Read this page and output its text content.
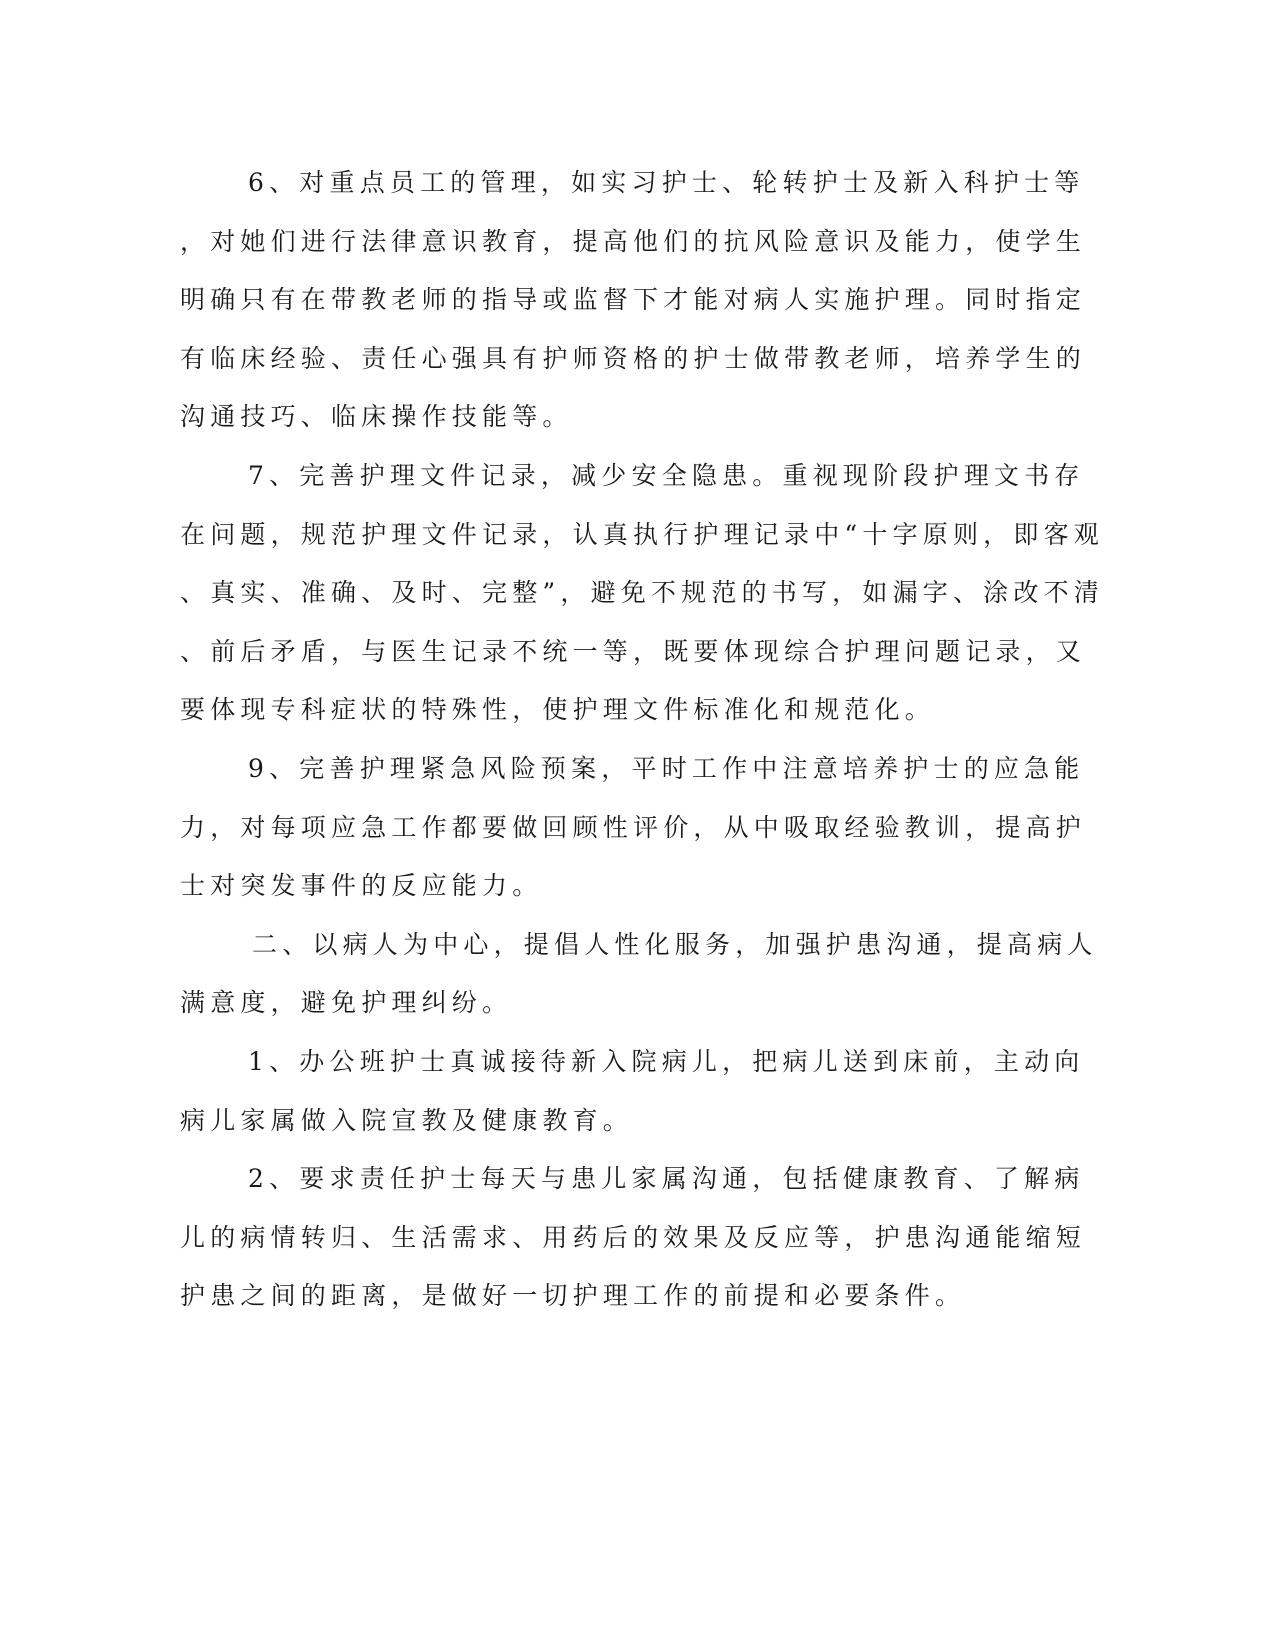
6、对重点员工的管理，如实习护士、轮转护士及新入科护士等
，对她们进行法律意识教育，提高他们的抗风险意识及能力，使学生
明确只有在带教老师的指导或监督下才能对病人实施护理。同时指定
有临床经验、责任心强具有护师资格的护士做带教老师，培养学生的
沟通技巧、临床操作技能等。
7、完善护理文件记录，减少安全隐患。重视现阶段护理文书存
在问题，规范护理文件记录，认真执行护理记录中“十字原则，即客观
、真实、准确、及时、完整”，避免不规范的书写，如漏字、涂改不清
、前后矛盾，与医生记录不统一等，既要体现综合护理问题记录，又
要体现专科症状的特殊性，使护理文件标准化和规范化。
9、完善护理紧急风险预案，平时工作中注意培养护士的应急能
力，对每项应急工作都要做回顾性评价，从中吸取经验教训，提高护
士对突发事件的反应能力。
二、以病人为中心，提倡人性化服务，加强护患沟通，提高病人
满意度，避免护理纠纷。
1、办公班护士真诚接待新入院病儿，把病儿送到床前，主动向
病儿家属做入院宣教及健康教育。
2、要求责任护士每天与患儿家属沟通，包括健康教育、了解病
儿的病情转归、生活需求、用药后的效果及反应等，护患沟通能缩短
护患之间的距离，是做好一切护理工作的前提和必要条件。
